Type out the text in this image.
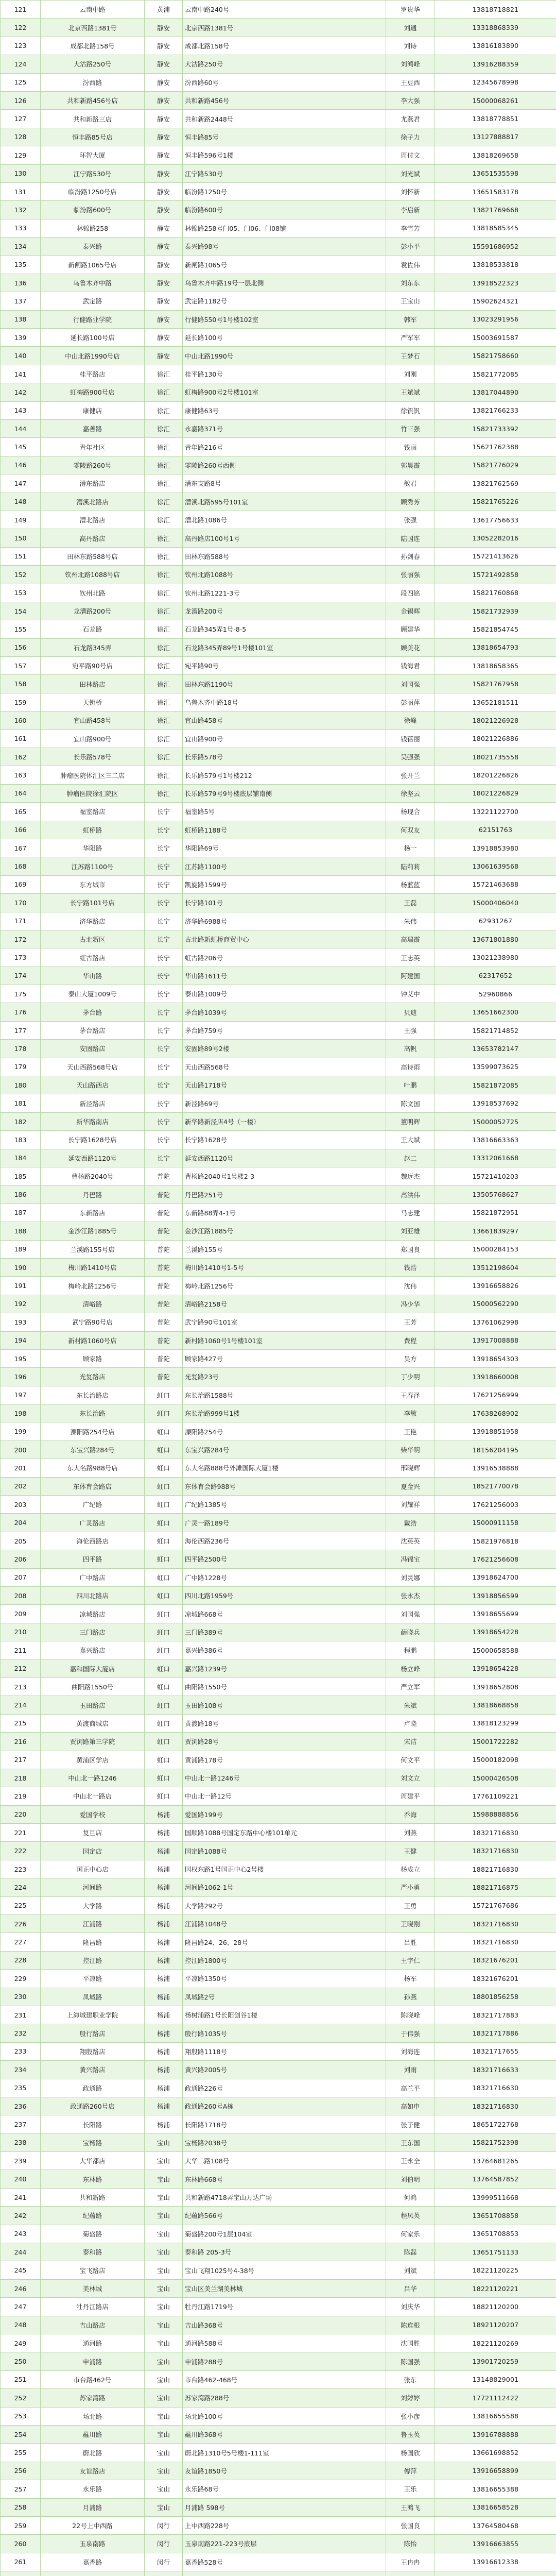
121	云南中路	黄浦	云南中路240号	罗贵华	13818718821
122	北京西路1381号	静安	北京西路1381号	刘通	13318868339
123	成都北路158号	静安	成都北路158号	刘诗	13816183890
124	大沽路250号	静安	大沽路250号	刘鸿峰	13916288359
125	汾西路	静安	汾西路60号	王豆西	12345678998
126	共和新路456号店	静安	共和新路456号	李大强	15000068261
127	共和新路三店	静安	共和新路2448号	尤燕君	13818778851
128	恒丰路85号店	静安	恒丰路85号	徐子力	13127888817
129	环智大厦	静安	恒丰路596号1楼	周付文	13818269658
130	江宁路530号	静安	江宁路530号	刘光斌	13651535598
131	临汾路1250号店	静安	临汾路1250号	刘怀新	13651583178
132	临汾路600号	静安	临汾路600号	李启新	13821769668
133	林锦路258	静安	林锦路258号门05、门06、门08铺	李雪芳	13818585345
134	泰兴路	静安	泰兴路98号	彭小平	15591686952
135	新闸路1065号店	静安	新闸路1065号	袁佐伟	13818533818
136	乌鲁木齐中路	静安	乌鲁木齐中路19号一层北侧	刘东东	13918522323
137	武定路	静安	武定路1182号	王宝山	15902624321
138	行健路业学院	静安	行健路550号1号楼102室	韩军	13023291956
139	延长路100号店	静安	延长路100号	严军军	15003691587
140	中山北路1990号店	静安	中山北路1990号	王梦石	15821758660
141	桂平路店	徐汇	桂平路130号	刘刚	15821772085
142	虹梅路900号店	徐汇	虹梅路900号2号楼101室	王斌斌	13817044890
143	康健店	徐汇	康健路63号	徐钒钒	13821766233
144	嘉善路	徐汇	永嘉路371号	竹三强	15821733392
145	青年社区	徐汇	青年路216号	钱丽	15621762388
146	零陵路260号	徐汇	零陵路260号西侧	郭晨霞	15821776029
147	漕东路店	徐汇	漕东支路8号	敏君	13821762569
148	漕溪北路店	徐汇	漕溪北路595号101室	顾秀芳	15821765226
149	漕北路店	徐汇	漕北路1086号	张强	13617756633
150	高丹路店	徐汇	高丹路店100号1号	陆国连	13052282016
151	田林东路588号店	徐汇	田林东路588号	孙剑春	15721413626
152	钦州北路1088号店	徐汇	钦州北路1088号	张丽强	15721492858
153	钦州北路	徐汇	钦州北路1221-3号	段四铭	15821760868
154	龙漕路200号	徐汇	龙漕路200号	金锡辉	15821732939
155	石龙路	徐汇	石龙路345弄1号-8-5	顾建华	15821854745
156	石龙路345弄	徐汇	石龙路345弄89号1号楼101室	顾美花	13818654793
157	宛平路90号店	徐汇	宛平路90号	钱海君	13818658365
158	田林路店	徐汇	田林东路1190号	刘国强	15821767958
159	天钥桥	徐汇	乌鲁木齐中路18号	彭丽萍	13652181511
160	宜山路458号	徐汇	宜山路458号	徐峰	18021226928
161	宜山路900号	徐汇	宜山路900号	钱蓓丽	18021226886
162	长乐路578号	徐汇	长乐路578号	吴强强	18021735558
163	肿瘤医院体汇区三二店	徐汇	长乐路579号1号楼212	张开兰	18201226826
164	肿瘤医院徐汇院区	徐汇	长乐路579号9号楼底层铺南侧	徐坚云	18021226829
165	福室路店	长宁	福室路5号	杨现合	13221122700
166	虹桥路	长宁	虹桥路1188号	何双友	62151763
167	华阳路	长宁	华阳路69号	杨一	13918853980
168	江苏路1100号	长宁	江苏路1100号	陆莉莉	13061639568
169	东方城市	长宁	凯旋路1599号	杨蓝蓝	15721463688
170	长宁路101号店	长宁	长宁路101号	王磊	15000406040
171	济华路店	长宁	济华路6988号	朱伟	62931267
172	古北新区	长宁	古北路新虹桥商贸中心	高瑞霞	13671801880
173	虹古路店	长宁	虹古路206号	王志英	13021238980
174	华山路	长宁	华山路1611号	阿建国	62317652
175	泰山大厦1009号	长宁	泰山路1009号	钟艾中	52960866
176	茅台路	长宁	茅台路1039号	贝迪	13651662300
177	茅台路店	长宁	茅台路759号	王强	15821714852
178	安固路店	长宁	安固路89号2楼	高帆	13653782147
179	天山西路568号店	长宁	天山西路568号	高诗雨	13599073625
180	天山路西店	长宁	天山路1718号	叶鹏	15821872085
181	新泾路店	长宁	新泾路69号	陈文国	13918537692
182	新华路南店	长宁	新华路新泾店4号（一楼）	董明辉	15000052725
183	长宁路1628号店	长宁	长宁路1628号	王大斌	13816663363
184	延安西路1120号	长宁	延安西路1120号	赵二	13312061668
185	曹杨路2040号	普陀	曹杨路2040号1号楼2-3	魏远杰	15721410203
186	丹巴路	普陀	丹巴路251号	高洪伟	13505768627
187	东新路店	普陀	东新路88弄4-1号	马志建	15821872951
188	金沙江路1885号	普陀	金沙江路1885号	刘亚雄	13661839297
189	兰溪路155号店	普陀	兰溪路155号	郑国良	15000284153
190	梅川路1410号店	普陀	梅川路1410号1-5号	钱浩	13512198604
191	梅岭北路1256号	普陀	梅岭北路1256号	沈伟	13916658826
192	清峪路	普陀	清峪路2158号	冯少华	15000562290
193	武宁路90号店	普陀	武宁路90号101室	王芳	13761062998
194	新村路1060号店	普陀	新村路1060号1号楼101室	费程	13917008888
195	顾家路	普陀	顾家路427号	吴方	13918654303
196	光复路店	普陀	光复路23号	丁少明	13918660008
197	东长治路店	虹口	东长治路1588号	王春泽	17621256999
198	东长治路	虹口	东长治路999号1楼	李敏	17638268902
199	溧阳路254号店	虹口	溧阳路254号	王艳	13918851958
200	东宝兴路284号	虹口	东宝兴路284号	柴华明	18156204195
201	东大名路988号店	虹口	东大名路888号外滩国际大厦1楼	邢晓辉	13916538888
202	东体育会路店	虹口	东体育会路988号	夏金兴	18521770078
203	广纪路	虹口	广纪路1385号	刘耀祥	17621256003
204	广灵路店	虹口	广灵一路189号	戴浩	15000911158
205	海伦西路店	虹口	海伦西路236号	沈英英	15821976818
206	四平路	虹口	四平路2500号	冯锦宝	17621256608
207	广中路店	虹口	广中路1228号	刘灵娜	13918624700
208	四川北路店	虹口	四川北路1959号	张永杰	13918856599
209	凉城路店	虹口	凉城路668号	刘国强	13918655699
210	三门路店	虹口	三门路389号	薛晓兵	13918654228
211	嘉兴路店	虹口	嘉兴路386号	程鹏	15000658588
212	嘉和国际大厦店	虹口	嘉兴路1239号	杨立峰	13918654228
213	曲阳路1550号	虹口	曲阳路1550号	严立军	13918652808
214	玉田路店	虹口	玉田路108号	朱斌	13818668858
215	黄渡商城店	虹口	黄渡路18号	卢晓	13818123299
216	贾浏路第三学院	虹口	贾浏路28号	宋洁	15001722282
217	黄浦区学店	虹口	黄浦路178号	何文平	15000182098
218	中山北一路1246	虹口	中山北一路1246号	刘文立	15000426508
219	中山北一路店	虹口	中山北一路12号	周建平	17761109221
220	爱国学校	杨浦	爱国路199号	乔海	15988888856
221	复旦店	杨浦	国顺路1088号国定东路中心楼101单元	刘燕	18321716830
222	国定店	杨浦	国定路1088号	王健	18321716830
223	国正中心店	杨浦	国权东路1号国正中心2号楼	杨成立	18821716830
224	河间路	杨浦	河间路1062-1号	严小勇	18821716875
225	大学路	杨浦	大学路292号	王勇	15721767686
226	江浦路	杨浦	江浦路1048号	王晓刚	18321716830
227	隆昌路	杨浦	隆昌路24、26、28号	吕胜	18321716830
228	控江路	杨浦	控江路1800号	王宇仁	18321676201
229	平凉路	杨浦	平凉路1350号	杨军	18321676201
230	凤城路	杨浦	凤城路2号	孙燕	18801856258
231	上海城建职业学院	杨浦	杨树浦路1号长阳创谷1楼	陈晓峰	18321717883
232	殷行路店	杨浦	殷行路1035号	于伟强	18321717886
233	翔殷路店	杨浦	翔殷路1118号	刘海连	18321717655
234	黄兴路店	杨浦	黄兴路2005号	刘雨	18321716633
235	政通路	杨浦	政通路226号	高兰平	18321716630
236	政通路260号店	杨浦	政通路260号A栋	高如申	18321716830
237	长阳路	杨浦	长阳路1718号	张子健	18651722768
238	宝杨路	宝山	宝杨路2038号	王东国	15821752398
239	大华都店	宝山	大华二路108号	王永全	13764681265
240	东林路	宝山	东林路668号	刘伯明	13764587852
241	共和新路	宝山	共和新路4718弄宝山万达广场	何鸿	13999511668
242	纪蕴路	宝山	纪蕴路566号	程凤英	13651708858
243	菊盛路	宝山	菊盛路200号1层104室	何家乐	13651708853
244	泰和路	宝山	泰和路 205-3号	陈磊	13651751133
245	宝飞路店	宝山	宝山飞翔1025号4-38号	刘斌	18221120225
246	美林城	宝山	宝山区美兰湖美林城	吕华	18221120221
247	牡丹江路店	宝山	牡丹江路1719号	刘庆华	18821120200
248	吉山路店	宝山	吉山路368号	陈连根	18921120207
249	通河路	宝山	通河路588号	沈国胜	18221120269
250	申浦路	宝山	申浦路288号	陈国强	13901720259
251	市台路462号	宝山	市台路462-468号	张东	13148829001
252	苏家湾路	宝山	苏家湾路288号	刘婷婷	17721112422
253	场北路	宝山	场北路100号	张小彦	13816655588
254	蕴川路	宝山	蕴川路368号	鲁玉英	13916788888
255	蔚北路	宝山	蔚北路1310号5号楼1-111室	杨国欣	13661698852
256	友谊路店	宝山	友谊路1850号	傅萍	13916658899
257	永乐路	宝山	永乐路68号	王乐	13816655388
258	月浦路	宝山	月浦路 598号	王鸿飞	13816658528
259	22号上中西路	闵行	上中西路228号	张国良	13764580468
260	玉泉南路	闵行	玉泉南路221-223号底层	陈怡	13916663855
261	嘉香路	闵行	嘉香路528号	王冉冉	13916612338
